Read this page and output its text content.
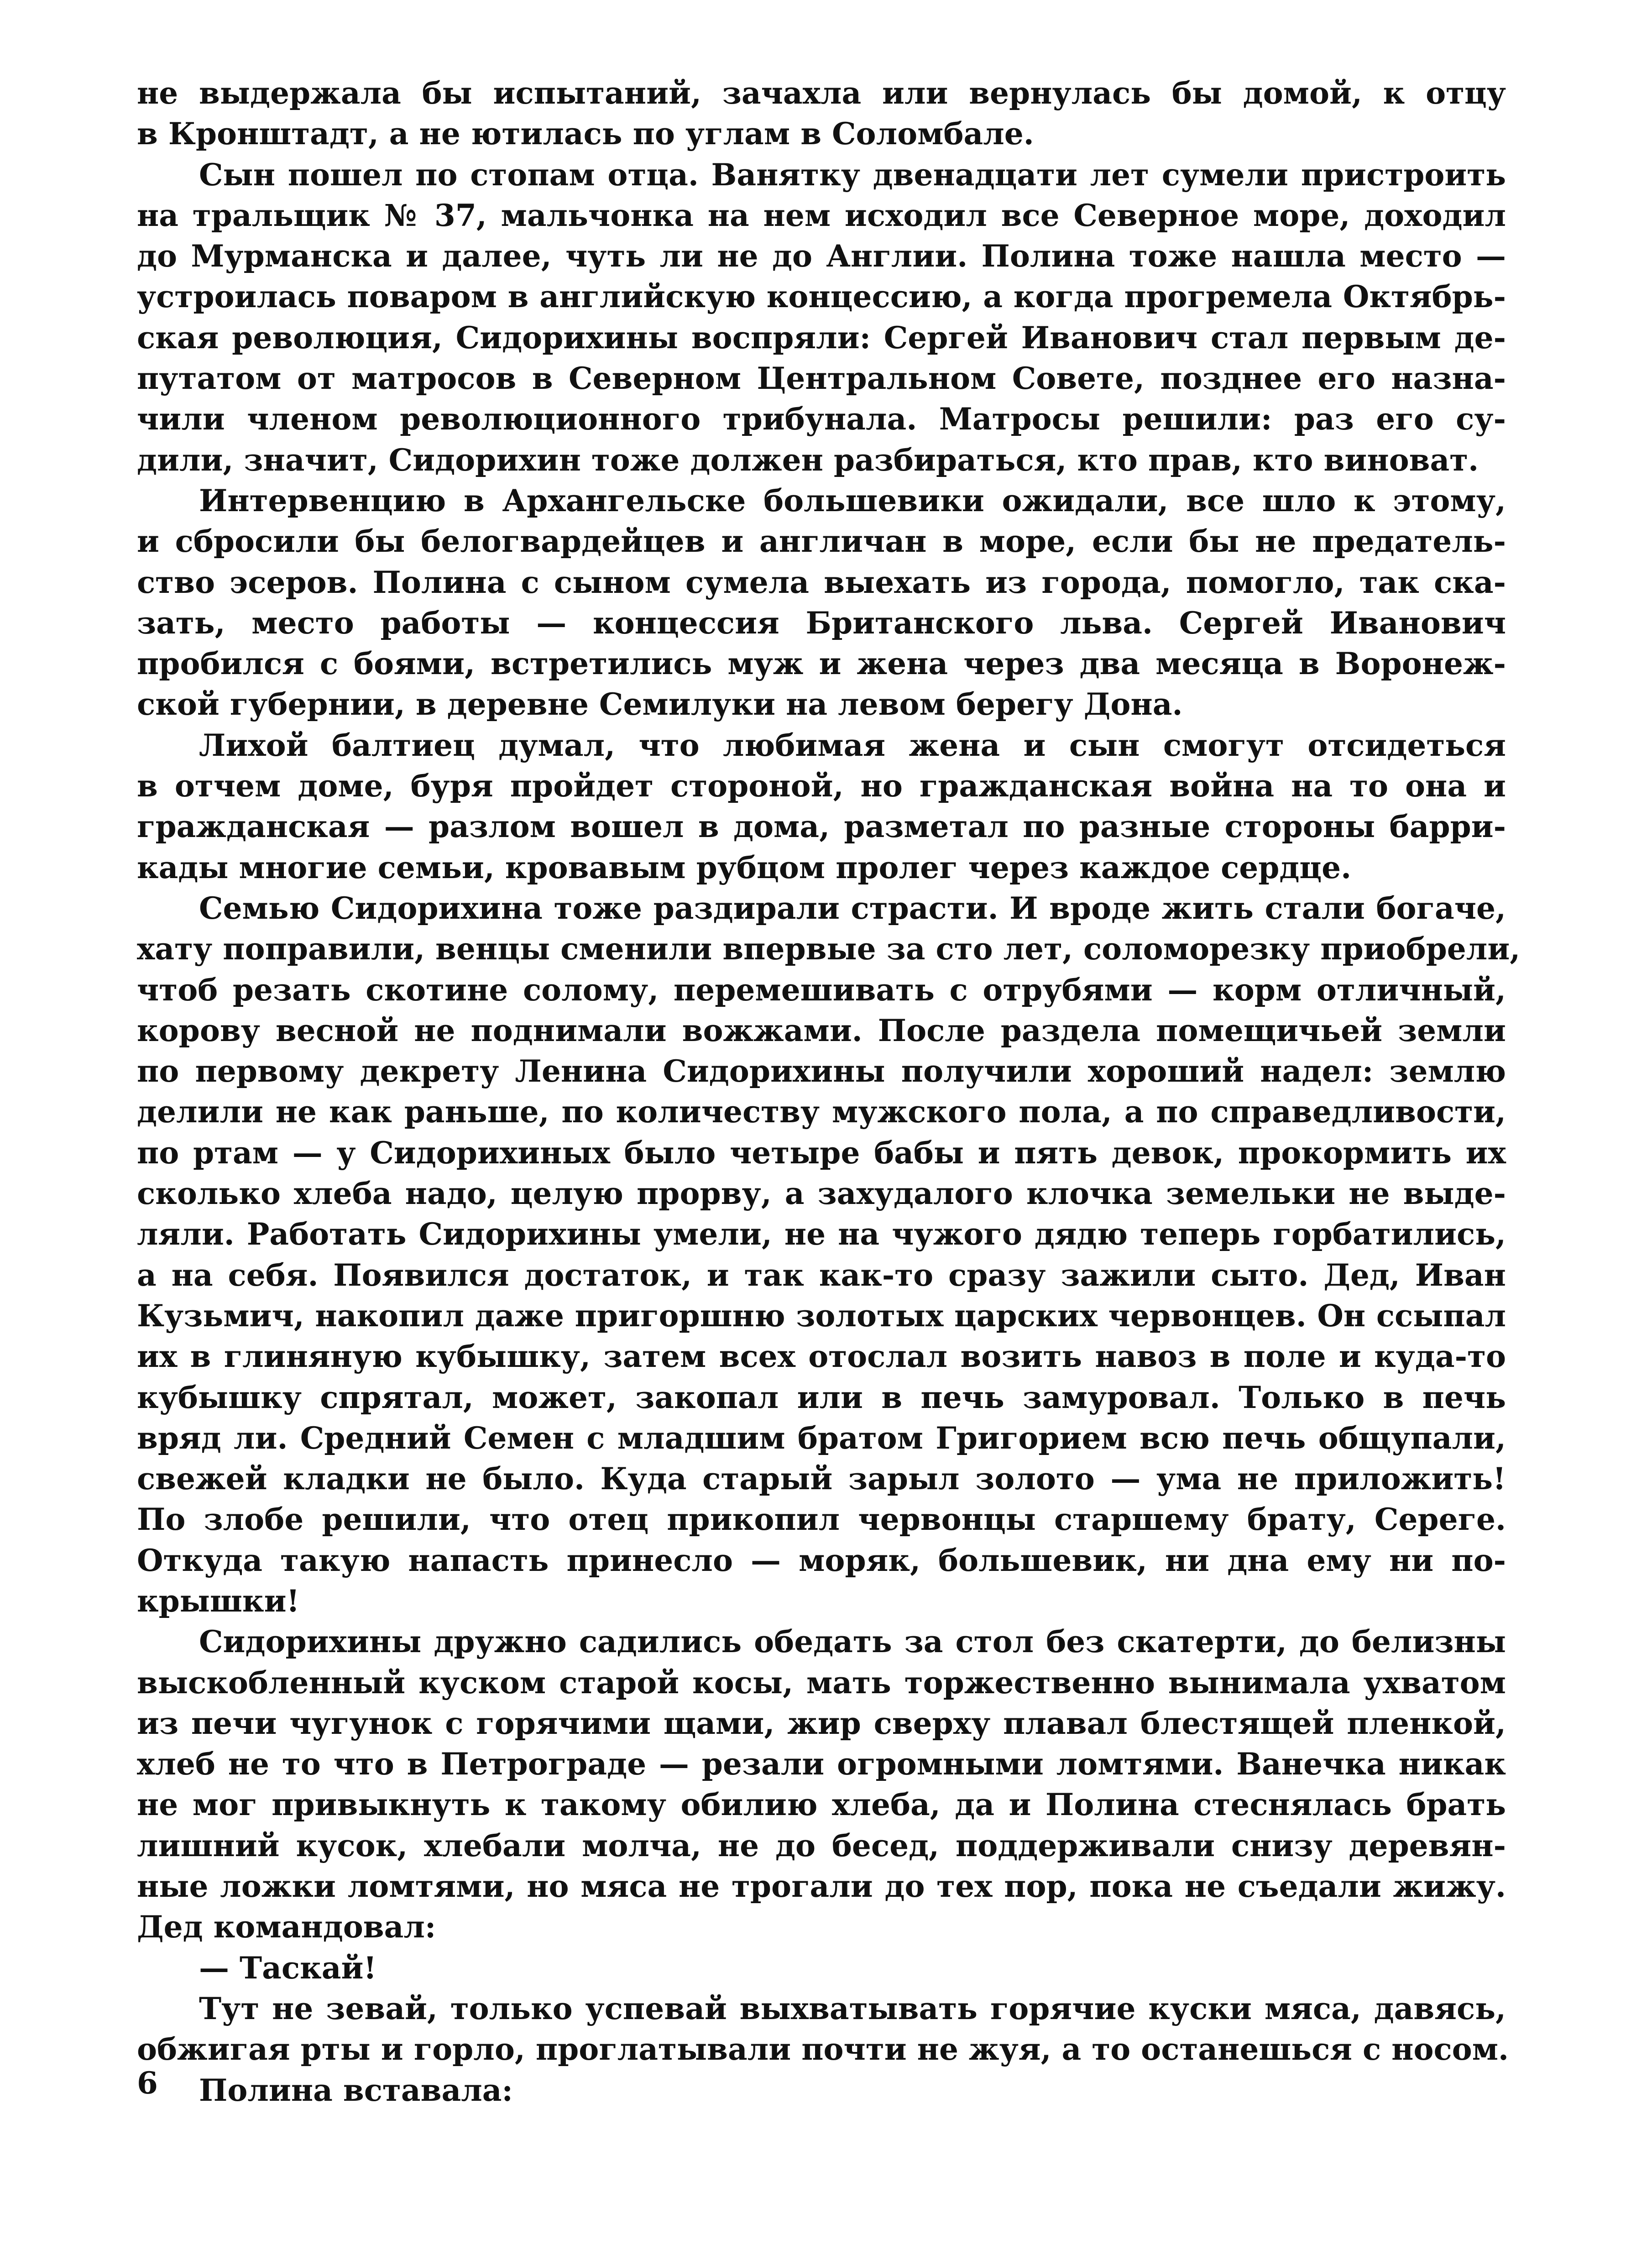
не выдержала бы испытаний, зачахла или вернулась бы домой, к отцу
в Кронштадт, а не ютилась по углам в Соломбале.
Сын пошел по стопам отца. Ванятку двенадцати лет сумели пристроить
на тральщик № 37, мальчонка на нем исходил все Северное море, доходил
до Мурманска и далее, чуть ли не до Англии. Полина тоже нашла место —
устроилась поваром в английскую концессию, а когда прогремела Октябрь-
ская революция, Сидорихины воспряли: Сергей Иванович стал первым де-
путатом от матросов в Северном Центральном Совете, позднее его назна-
чили членом революционного трибунала. Матросы решили: раз его су-
дили, значит, Сидорихин тоже должен разбираться, кто прав, кто виноват.
Интервенцию в Архангельске большевики ожидали, все шло к этому,
и сбросили бы белогвардейцев и англичан в море, если бы не предатель-
ство эсеров. Полина с сыном сумела выехать из города, помогло, так ска-
зать, место работы — концессия Британского льва. Сергей Иванович
пробился с боями, встретились муж и жена через два месяца в Воронеж-
ской губернии, в деревне Семилуки на левом берегу Дона.
Лихой балтиец думал, что любимая жена и сын смогут отсидеться
в отчем доме, буря пройдет стороной, но гражданская война на то она и
гражданская — разлом вошел в дома, разметал по разные стороны барри-
кады многие семьи, кровавым рубцом пролег через каждое сердце.
Семью Сидорихина тоже раздирали страсти. И вроде жить стали богаче,
хату поправили, венцы сменили впервые за сто лет, соломорезку приобрели,
чтоб резать скотине солому, перемешивать с отрубями — корм отличный,
корову весной не поднимали вожжами. После раздела помещичьей земли
по первому декрету Ленина Сидорихины получили хороший надел: землю
делили не как раньше, по количеству мужского пола, а по справедливости,
по ртам — у Сидорихиных было четыре бабы и пять девок, прокормить их
сколько хлеба надо, целую прорву, а захудалого клочка земельки не выде-
ляли. Работать Сидорихины умели, не на чужого дядю теперь горбатились,
а на себя. Появился достаток, и так как-то сразу зажили сыто. Дед, Иван
Кузьмич, накопил даже пригоршню золотых царских червонцев. Он ссыпал
их в глиняную кубышку, затем всех отослал возить навоз в поле и куда-то
кубышку спрятал, может, закопал или в печь замуровал. Только в печь
вряд ли. Средний Семен с младшим братом Григорием всю печь общупали,
свежей кладки не было. Куда старый зарыл золото — ума не приложить!
По злобе решили, что отец прикопил червонцы старшему брату, Сереге.
Откуда такую напасть принесло — моряк, большевик, ни дна ему ни по-
крышки!
Сидорихины дружно садились обедать за стол без скатерти, до белизны
выскобленный куском старой косы, мать торжественно вынимала ухватом
из печи чугунок с горячими щами, жир сверху плавал блестящей пленкой,
хлеб не то что в Петрограде — резали огромными ломтями. Ванечка никак
не мог привыкнуть к такому обилию хлеба, да и Полина стеснялась брать
лишний кусок, хлебали молча, не до бесед, поддерживали снизу деревян-
ные ложки ломтями, но мяса не трогали до тех пор, пока не съедали жижу.
Дед командовал:
— Таскай!
Тут не зевай, только успевай выхватывать горячие куски мяса, давясь,
обжигая рты и горло, проглатывали почти не жуя, а то останешься с носом.
Полина вставала:
6
